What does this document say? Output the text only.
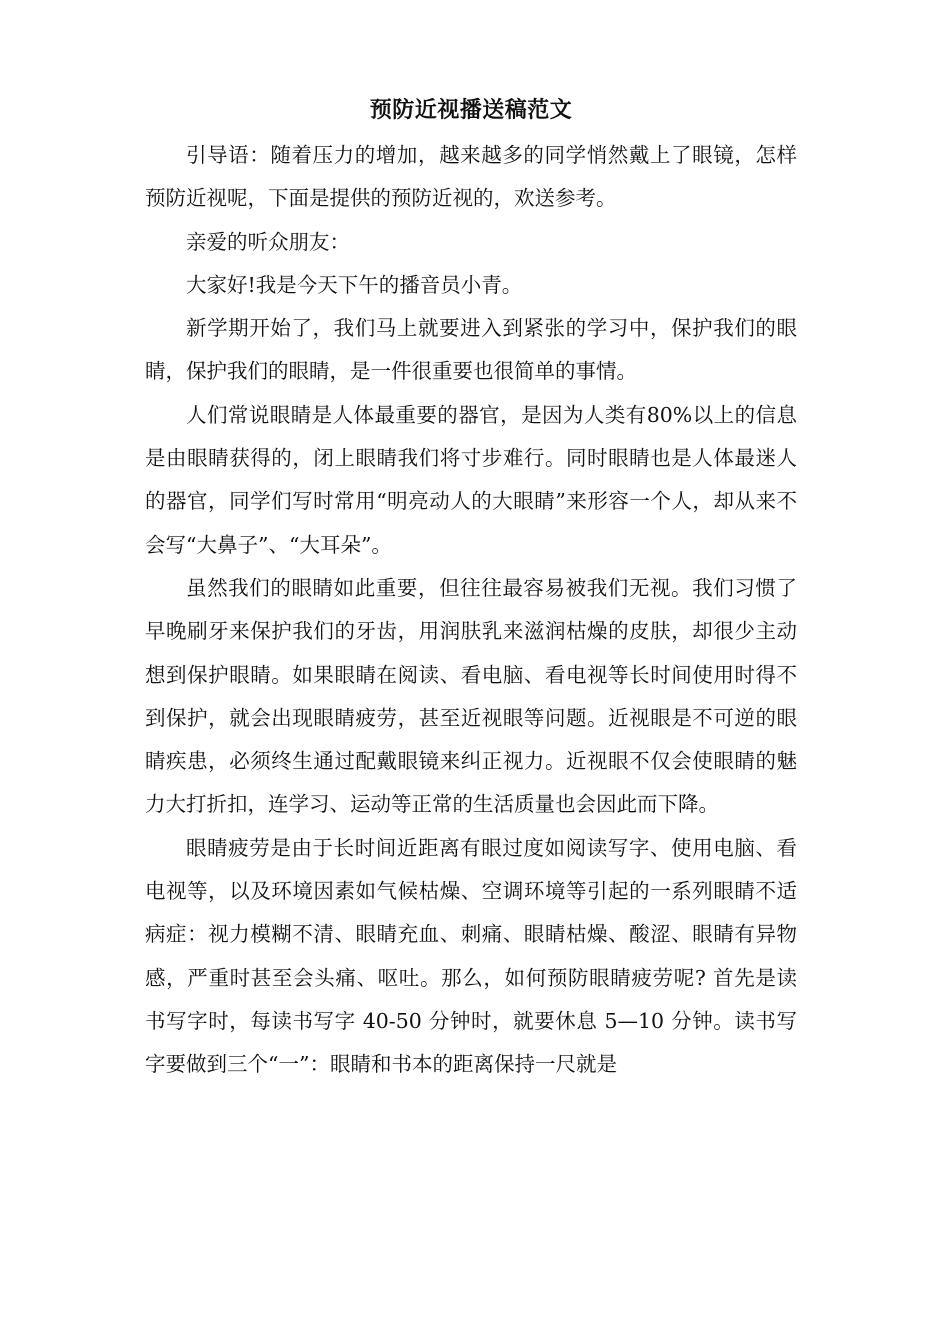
预防近视播送稿范文

引导语：随着压力的增加，越来越多的同学悄然戴上了眼镜，怎样预防近视呢，下面是提供的预防近视的，欢送参考。

亲爱的听众朋友：

大家好!我是今天下午的播音员小青。

新学期开始了，我们马上就要进入到紧张的学习中，保护我们的眼睛，保护我们的眼睛，是一件很重要也很简单的事情。

人们常说眼睛是人体最重要的器官，是因为人类有80%以上的信息是由眼睛获得的，闭上眼睛我们将寸步难行。同时眼睛也是人体最迷人的器官，同学们写时常用“明亮动人的大眼睛”来形容一个人，却从来不会写“大鼻子”、“大耳朵”。

虽然我们的眼睛如此重要，但往往最容易被我们无视。我们习惯了早晚刷牙来保护我们的牙齿，用润肤乳来滋润枯燥的皮肤，却很少主动想到保护眼睛。如果眼睛在阅读、看电脑、看电视等长时间使用时得不到保护，就会出现眼睛疲劳，甚至近视眼等问题。近视眼是不可逆的眼睛疾患，必须终生通过配戴眼镜来纠正视力。近视眼不仅会使眼睛的魅力大打折扣，连学习、运动等正常的生活质量也会因此而下降。

眼睛疲劳是由于长时间近距离有眼过度如阅读写字、使用电脑、看电视等，以及环境因素如气候枯燥、空调环境等引起的一系列眼睛不适病症：视力模糊不清、眼睛充血、刺痛、眼睛枯燥、酸涩、眼睛有异物感，严重时甚至会头痛、呕吐。那么，如何预防眼睛疲劳呢? 首先是读书写字时，每读书写字 40-50 分钟时，就要休息 5—10 分钟。读书写字要做到三个“一”：眼睛和书本的距离保持一尺就是
